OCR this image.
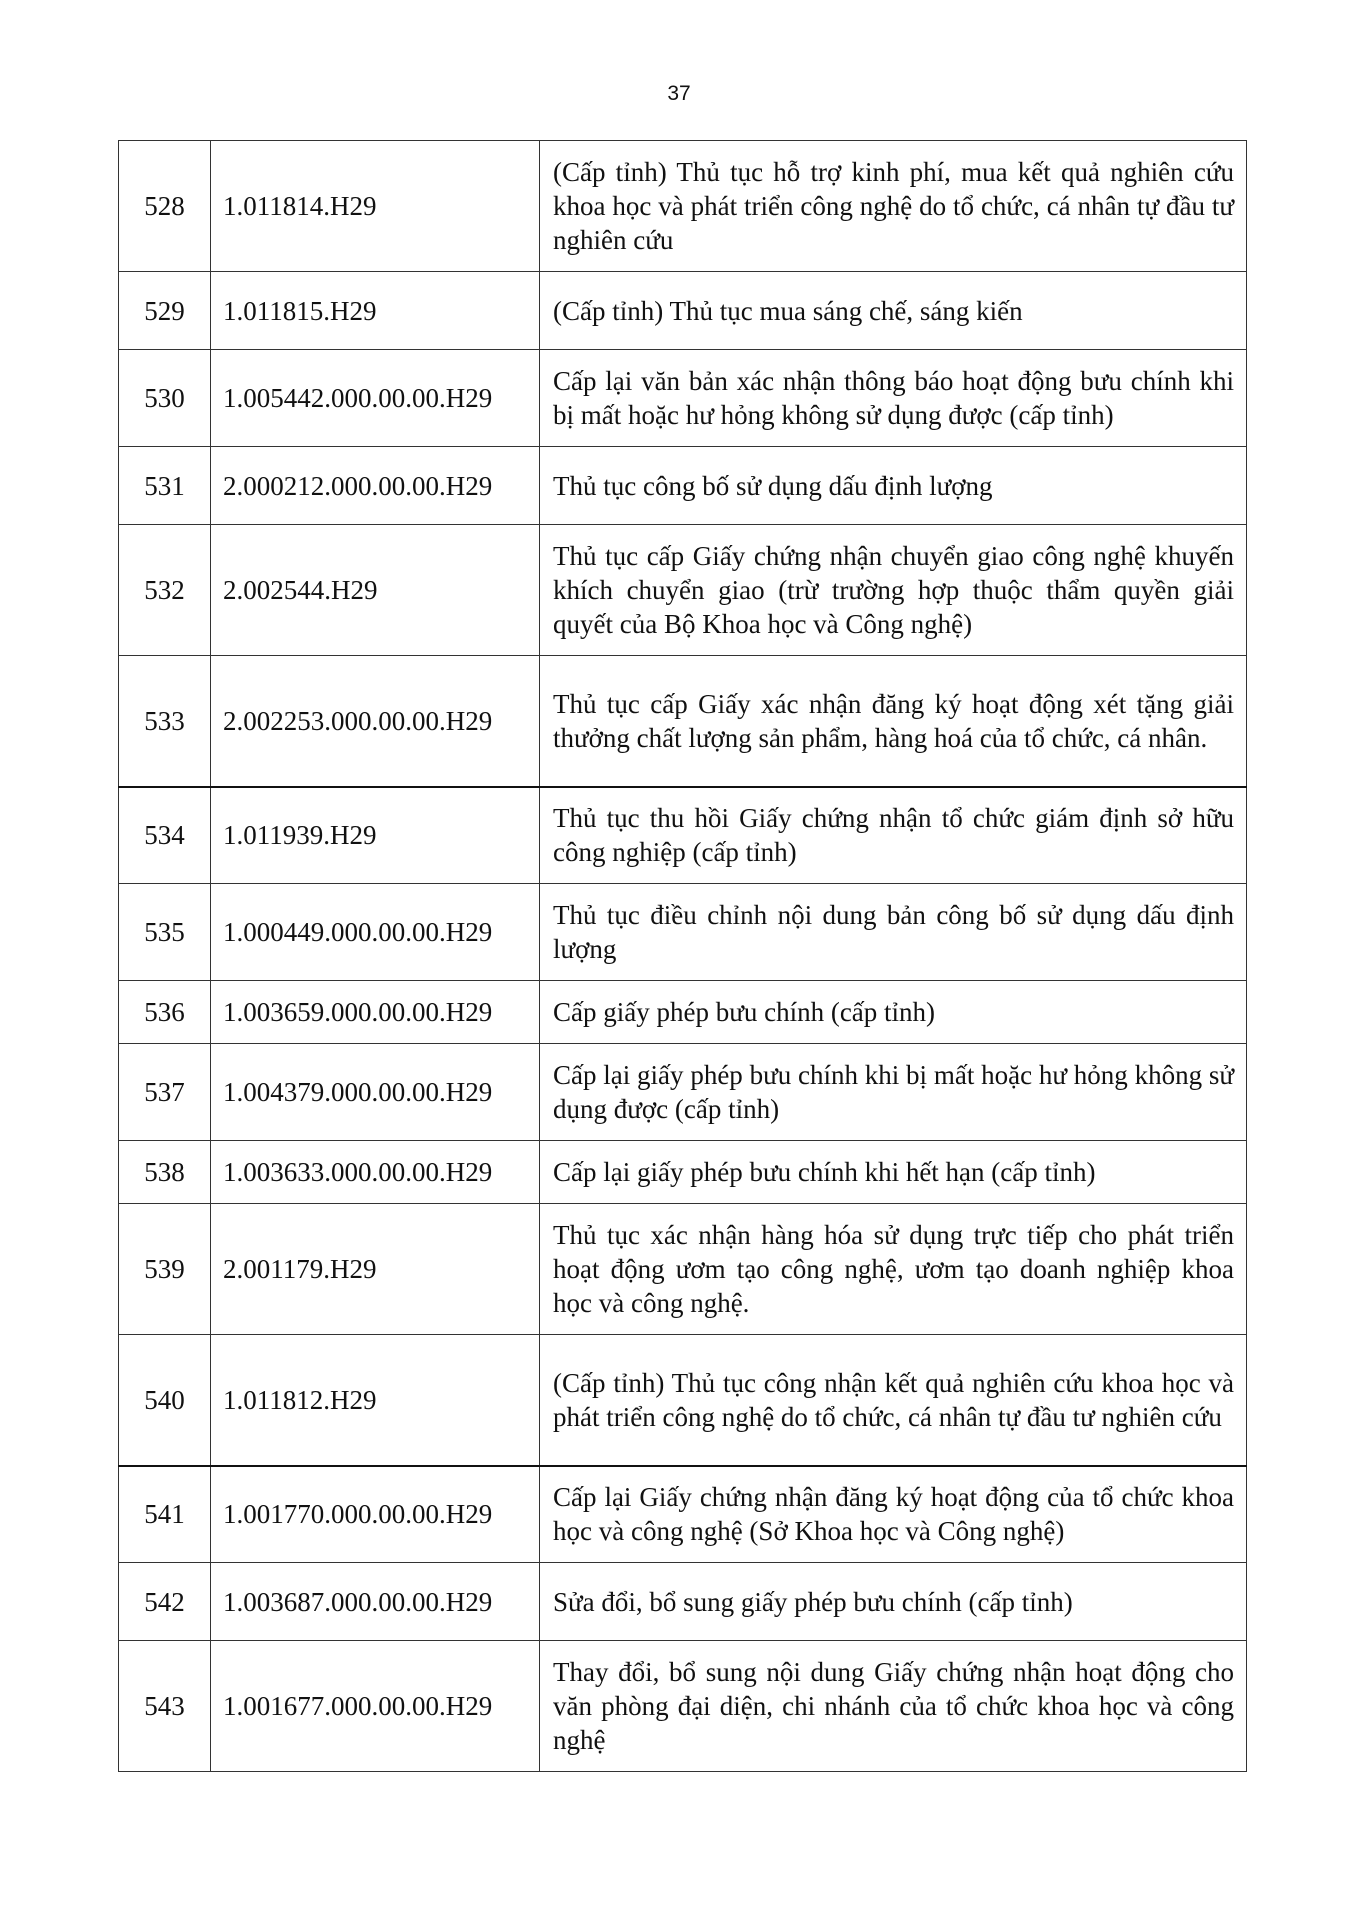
37
528	1.011814.H29	(Cấp tỉnh) Thủ tục hỗ trợ kinh phí, mua kết quả nghiên cứu khoa học và phát triển công nghệ do tổ chức, cá nhân tự đầu tư nghiên cứu
529	1.011815.H29	(Cấp tỉnh) Thủ tục mua sáng chế, sáng kiến
530	1.005442.000.00.00.H29	Cấp lại văn bản xác nhận thông báo hoạt động bưu chính khi bị mất hoặc hư hỏng không sử dụng được (cấp tỉnh)
531	2.000212.000.00.00.H29	Thủ tục công bố sử dụng dấu định lượng
532	2.002544.H29	Thủ tục cấp Giấy chứng nhận chuyển giao công nghệ khuyến khích chuyển giao (trừ trường hợp thuộc thẩm quyền giải quyết của Bộ Khoa học và Công nghệ)
533	2.002253.000.00.00.H29	Thủ tục cấp Giấy xác nhận đăng ký hoạt động xét tặng giải thưởng chất lượng sản phẩm, hàng hoá của tổ chức, cá nhân.
534	1.011939.H29	Thủ tục thu hồi Giấy chứng nhận tổ chức giám định sở hữu công nghiệp (cấp tỉnh)
535	1.000449.000.00.00.H29	Thủ tục điều chỉnh nội dung bản công bố sử dụng dấu định lượng
536	1.003659.000.00.00.H29	Cấp giấy phép bưu chính (cấp tỉnh)
537	1.004379.000.00.00.H29	Cấp lại giấy phép bưu chính khi bị mất hoặc hư hỏng không sử dụng được (cấp tỉnh)
538	1.003633.000.00.00.H29	Cấp lại giấy phép bưu chính khi hết hạn (cấp tỉnh)
539	2.001179.H29	Thủ tục xác nhận hàng hóa sử dụng trực tiếp cho phát triển hoạt động ươm tạo công nghệ, ươm tạo doanh nghiệp khoa học và công nghệ.
540	1.011812.H29	(Cấp tỉnh) Thủ tục công nhận kết quả nghiên cứu khoa học và phát triển công nghệ do tổ chức, cá nhân tự đầu tư nghiên cứu
541	1.001770.000.00.00.H29	Cấp lại Giấy chứng nhận đăng ký hoạt động của tổ chức khoa học và công nghệ (Sở Khoa học và Công nghệ)
542	1.003687.000.00.00.H29	Sửa đổi, bổ sung giấy phép bưu chính (cấp tỉnh)
543	1.001677.000.00.00.H29	Thay đổi, bổ sung nội dung Giấy chứng nhận hoạt động cho văn phòng đại diện, chi nhánh của tổ chức khoa học và công nghệ
